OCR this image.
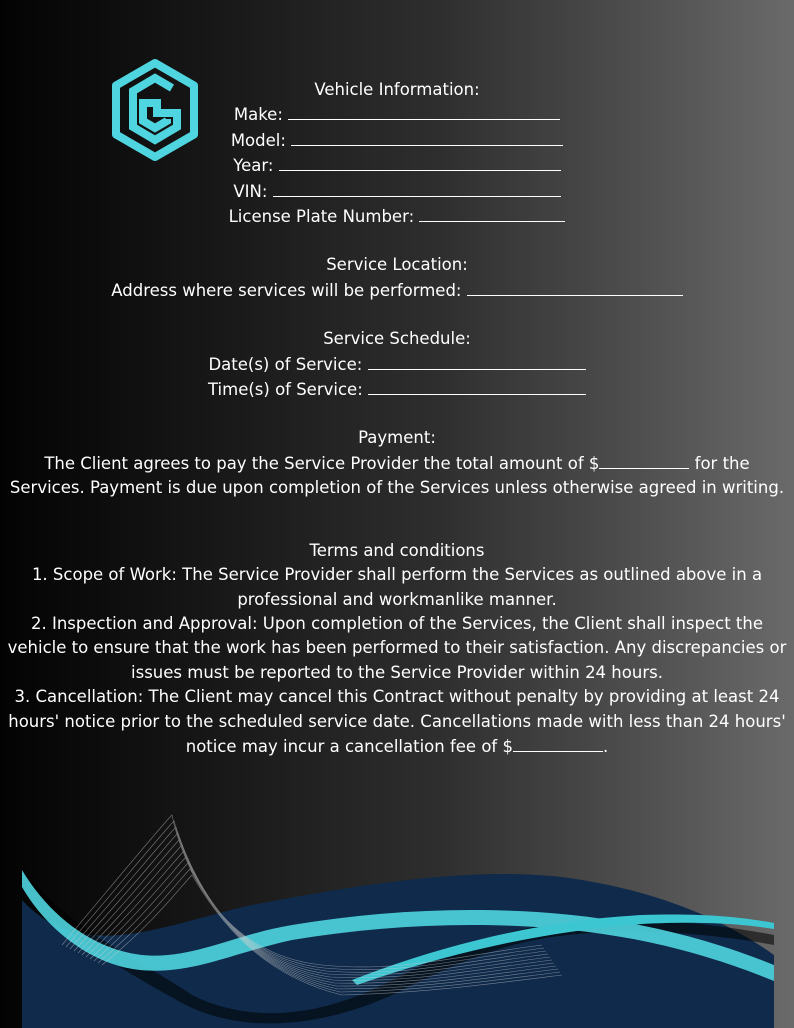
Vehicle Information:
Make:
Model:
Year:
VIN:
License Plate Number:
Service Location:
Address where services will be performed:
Service Schedule:
Date(s) of Service:
Time(s) of Service:
Payment:
The Client agrees to pay the Service Provider the total amount of $	for the Services. Payment is due upon completion of the Services unless otherwise agreed in writing.
Terms and conditions
1. Scope of Work: The Service Provider shall perform the Services as outlined above in a professional and workmanlike manner.
2. Inspection and Approval: Upon completion of the Services, the Client shall inspect the vehicle to ensure that the work has been performed to their satisfaction. Any discrepancies or issues must be reported to the Service Provider within 24 hours.
3. Cancellation: The Client may cancel this Contract without penalty by providing at least 24 hours' notice prior to the scheduled service date. Cancellations made with less than 24 hours' notice may incur a cancellation fee of $	.
